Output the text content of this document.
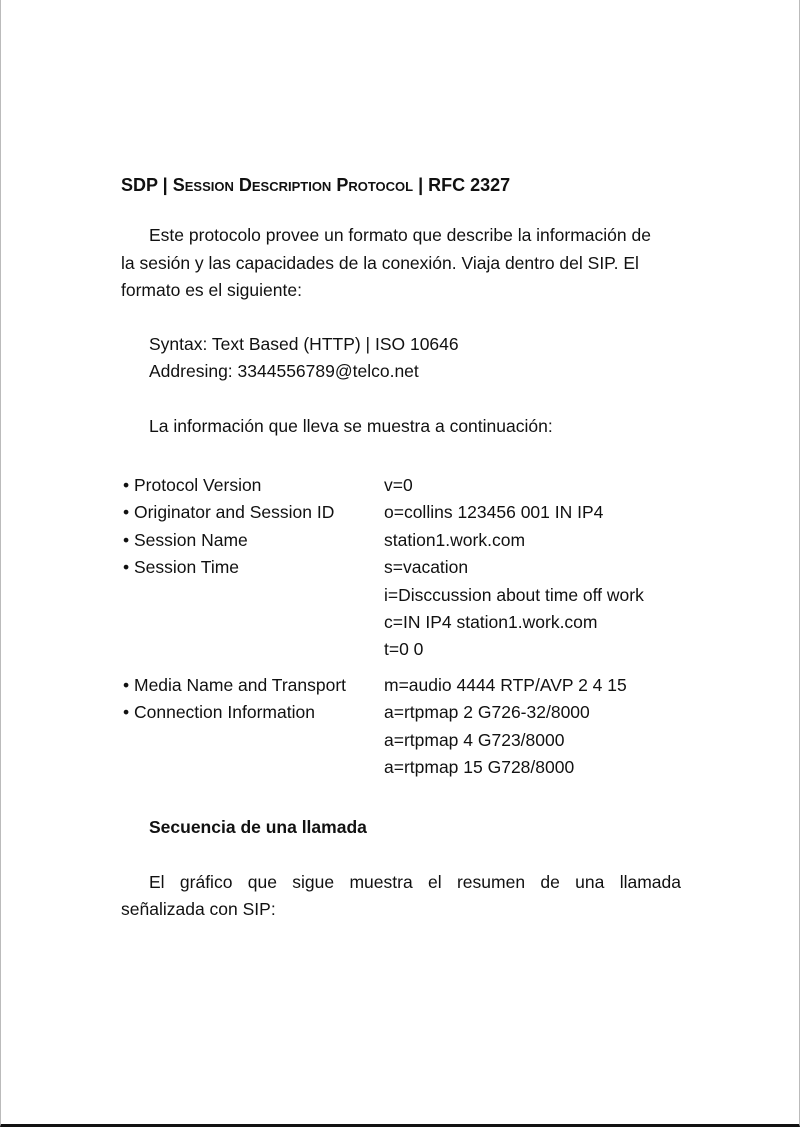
SDP | Session Description Protocol | RFC 2327
Este protocolo provee un formato que describe la información de
la sesión y las capacidades de la conexión. Viaja dentro del SIP. El
formato es el siguiente:
Syntax: Text Based (HTTP) | ISO 10646
Addresing: 3344556789@telco.net
La información que lleva se muestra a continuación:
• Protocol Version
• Originator and Session ID
• Session Name
• Session Time
• Media Name and Transport
• Connection Information
v=0
o=collins 123456 001 IN IP4
station1.work.com
s=vacation
i=Disccussion about time off work
c=IN IP4 station1.work.com
t=0 0
m=audio 4444 RTP/AVP 2 4 15
a=rtpmap 2 G726-32/8000
a=rtpmap 4 G723/8000
a=rtpmap 15 G728/8000
Secuencia de una llamada
El gráfico que sigue muestra el resumen de una llamada
señalizada con SIP:
